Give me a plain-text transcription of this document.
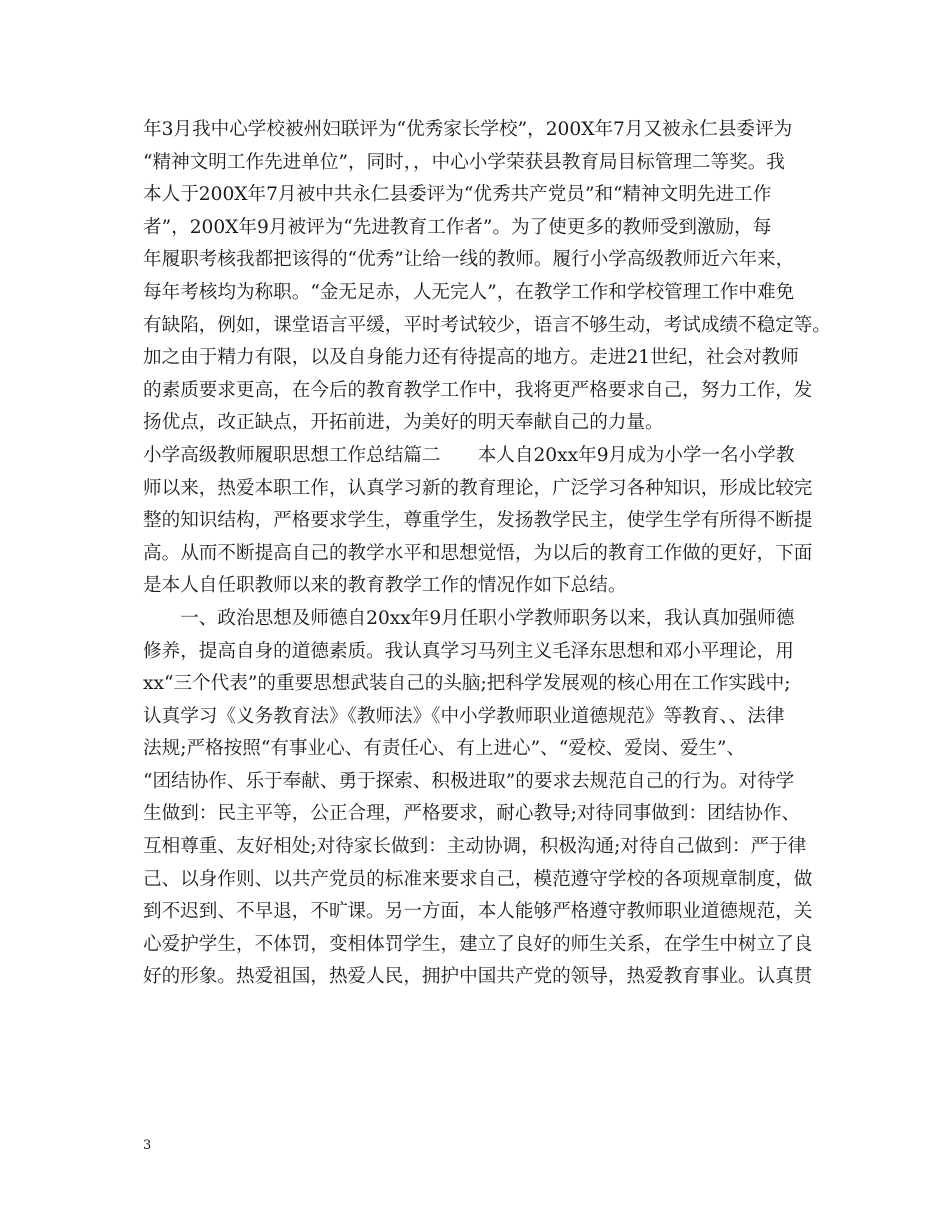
年3月我中心学校被州妇联评为“优秀家长学校”，200X年7月又被永仁县委评为
“精神文明工作先进单位”，同时，，中心小学荣获县教育局目标管理二等奖。我
本人于200X年7月被中共永仁县委评为“优秀共产党员”和“精神文明先进工作
者”，200X年9月被评为“先进教育工作者”。为了使更多的教师受到激励，每
年履职考核我都把该得的“优秀”让给一线的教师。履行小学高级教师近六年来，
每年考核均为称职。“金无足赤，人无完人”，在教学工作和学校管理工作中难免
有缺陷，例如，课堂语言平缓，平时考试较少，语言不够生动，考试成绩不稳定等。
加之由于精力有限，以及自身能力还有待提高的地方。走进21世纪，社会对教师
的素质要求更高，在今后的教育教学工作中，我将更严格要求自己，努力工作，发
扬优点，改正缺点，开拓前进，为美好的明天奉献自己的力量。
小学高级教师履职思想工作总结篇二　　本人自20xx年9月成为小学一名小学教
师以来，热爱本职工作，认真学习新的教育理论，广泛学习各种知识，形成比较完
整的知识结构，严格要求学生，尊重学生，发扬教学民主，使学生学有所得不断提
高。从而不断提高自己的教学水平和思想觉悟，为以后的教育工作做的更好，下面
是本人自任职教师以来的教育教学工作的情况作如下总结。
　　一、政治思想及师德自20xx年9月任职小学教师职务以来，我认真加强师德
修养，提高自身的道德素质。我认真学习马列主义毛泽东思想和邓小平理论，用
xx“三个代表”的重要思想武装自己的头脑;把科学发展观的核心用在工作实践中;
认真学习《义务教育法》《教师法》《中小学教师职业道德规范》等教育、、法律
法规;严格按照“有事业心、有责任心、有上进心”、“爱校、爱岗、爱生”、
“团结协作、乐于奉献、勇于探索、积极进取”的要求去规范自己的行为。对待学
生做到：民主平等，公正合理，严格要求，耐心教导;对待同事做到：团结协作、
互相尊重、友好相处;对待家长做到：主动协调，积极沟通;对待自己做到：严于律
己、以身作则、以共产党员的标准来要求自己，模范遵守学校的各项规章制度，做
到不迟到、不早退，不旷课。另一方面，本人能够严格遵守教师职业道德规范，关
心爱护学生，不体罚，变相体罚学生，建立了良好的师生关系，在学生中树立了良
好的形象。热爱祖国，热爱人民，拥护中国共产党的领导，热爱教育事业。认真贯
3
